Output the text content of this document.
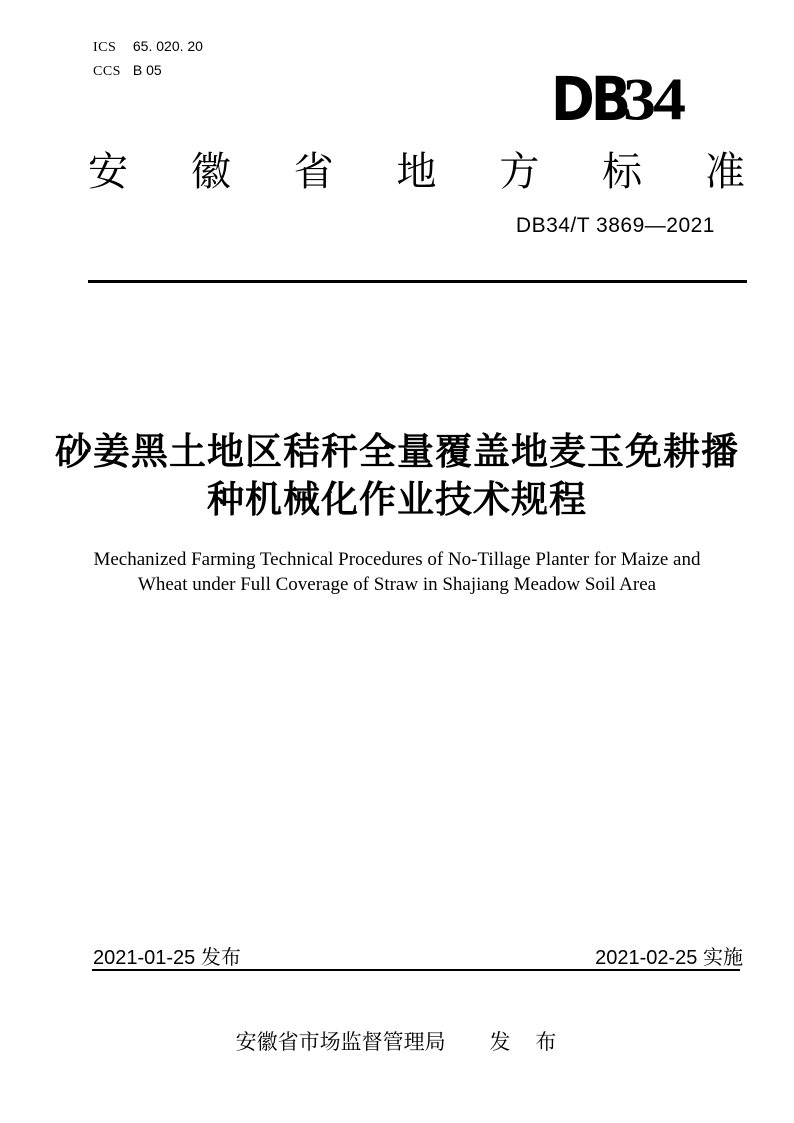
ICS 65. 020. 20
CCS B 05	DB34
安 徽 省 地 方 标 准
DB34/T 3869—2021
砂姜黑土地区秸秆全量覆盖地麦玉免耕播
种机械化作业技术规程
Mechanized Farming Technical Procedures of No-Tillage Planter for Maize and
Wheat under Full Coverage of Straw in Shajiang Meadow Soil Area
2021-01-25 发布	2021-02-25 实施
安徽省市场监督管理局 发　布
